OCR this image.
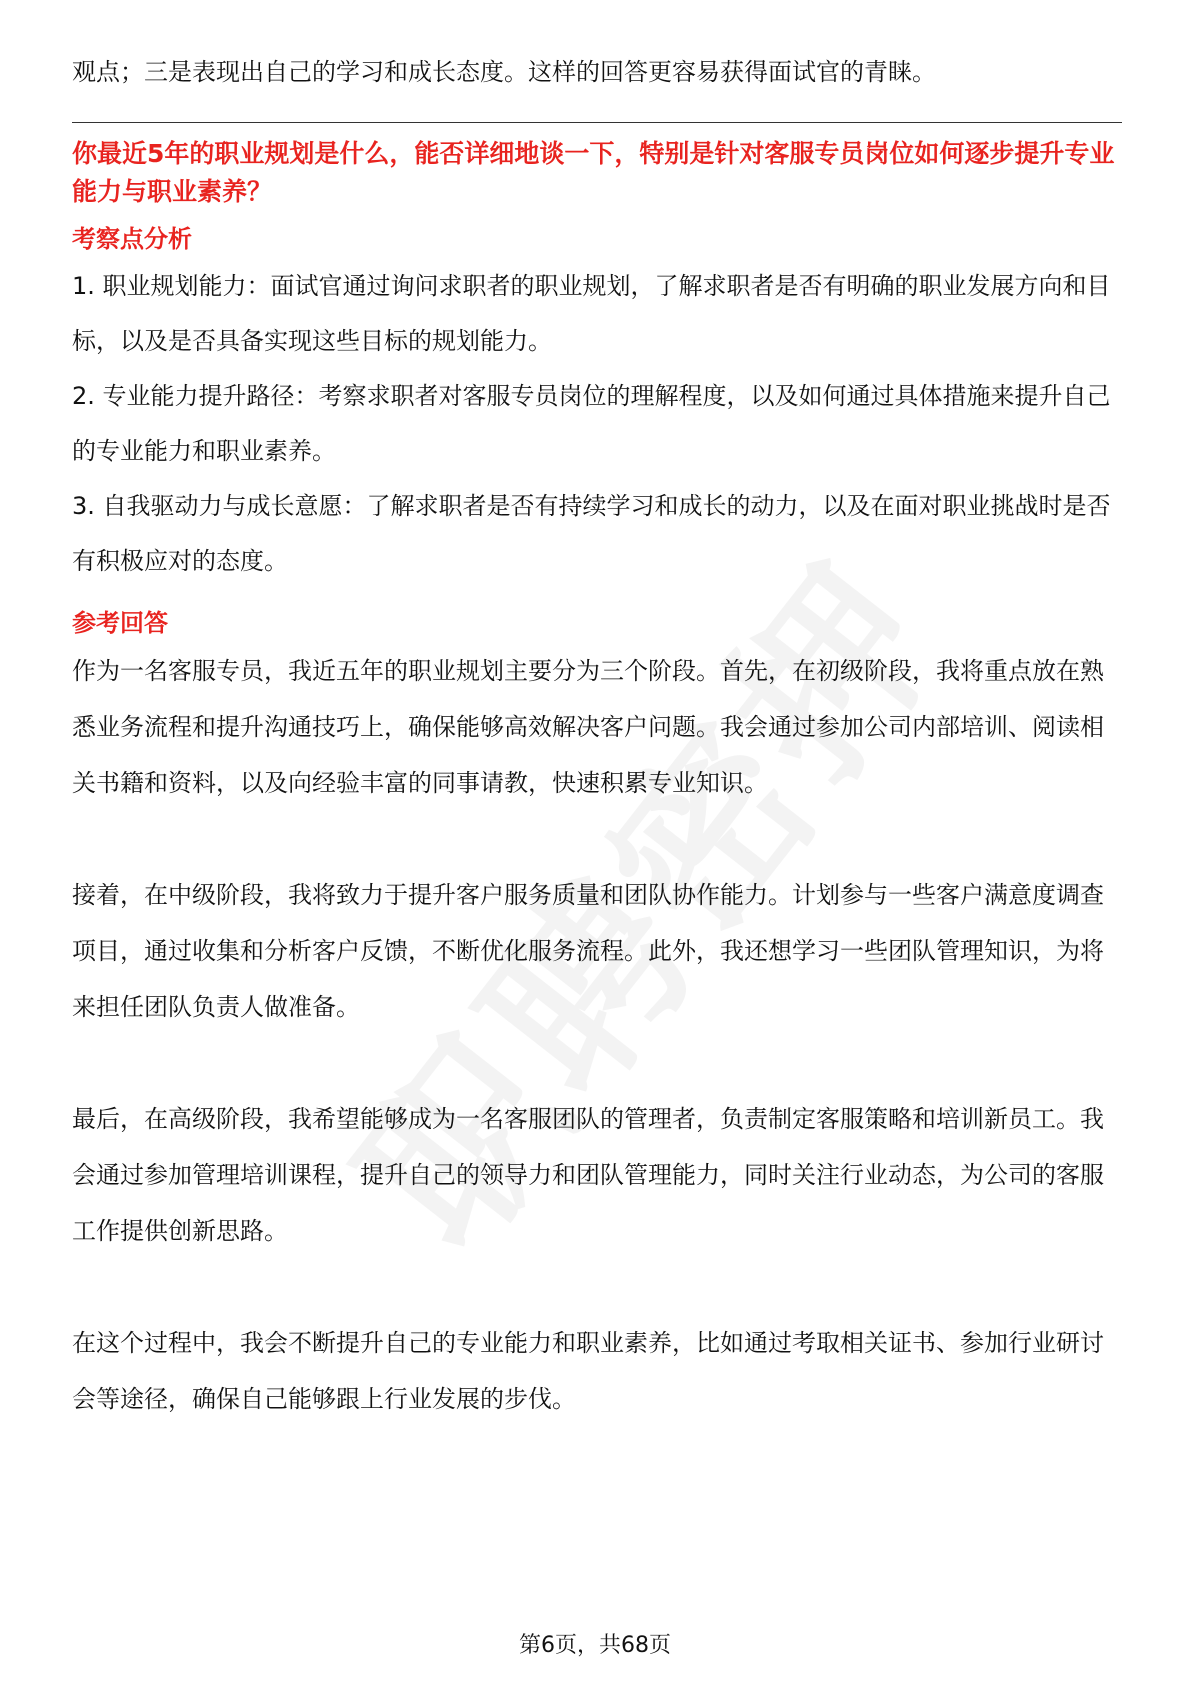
观点；三是表现出自己的学习和成长态度。这样的回答更容易获得面试官的青睐。

你最近5年的职业规划是什么，能否详细地谈一下，特别是针对客服专员岗位如何逐步提升专业能力与职业素养？

考察点分析

1. 职业规划能力：面试官通过询问求职者的职业规划，了解求职者是否有明确的职业发展方向和目标，以及是否具备实现这些目标的规划能力。

2. 专业能力提升路径：考察求职者对客服专员岗位的理解程度，以及如何通过具体措施来提升自己的专业能力和职业素养。

3. 自我驱动力与成长意愿：了解求职者是否有持续学习和成长的动力，以及在面对职业挑战时是否有积极应对的态度。

参考回答

作为一名客服专员，我近五年的职业规划主要分为三个阶段。首先，在初级阶段，我将重点放在熟悉业务流程和提升沟通技巧上，确保能够高效解决客户问题。我会通过参加公司内部培训、阅读相关书籍和资料，以及向经验丰富的同事请教，快速积累专业知识。

接着，在中级阶段，我将致力于提升客户服务质量和团队协作能力。计划参与一些客户满意度调查项目，通过收集和分析客户反馈，不断优化服务流程。此外，我还想学习一些团队管理知识，为将来担任团队负责人做准备。

最后，在高级阶段，我希望能够成为一名客服团队的管理者，负责制定客服策略和培训新员工。我会通过参加管理培训课程，提升自己的领导力和团队管理能力，同时关注行业动态，为公司的客服工作提供创新思路。

在这个过程中，我会不断提升自己的专业能力和职业素养，比如通过考取相关证书、参加行业研讨会等途径，确保自己能够跟上行业发展的步伐。

第6页，共68页
